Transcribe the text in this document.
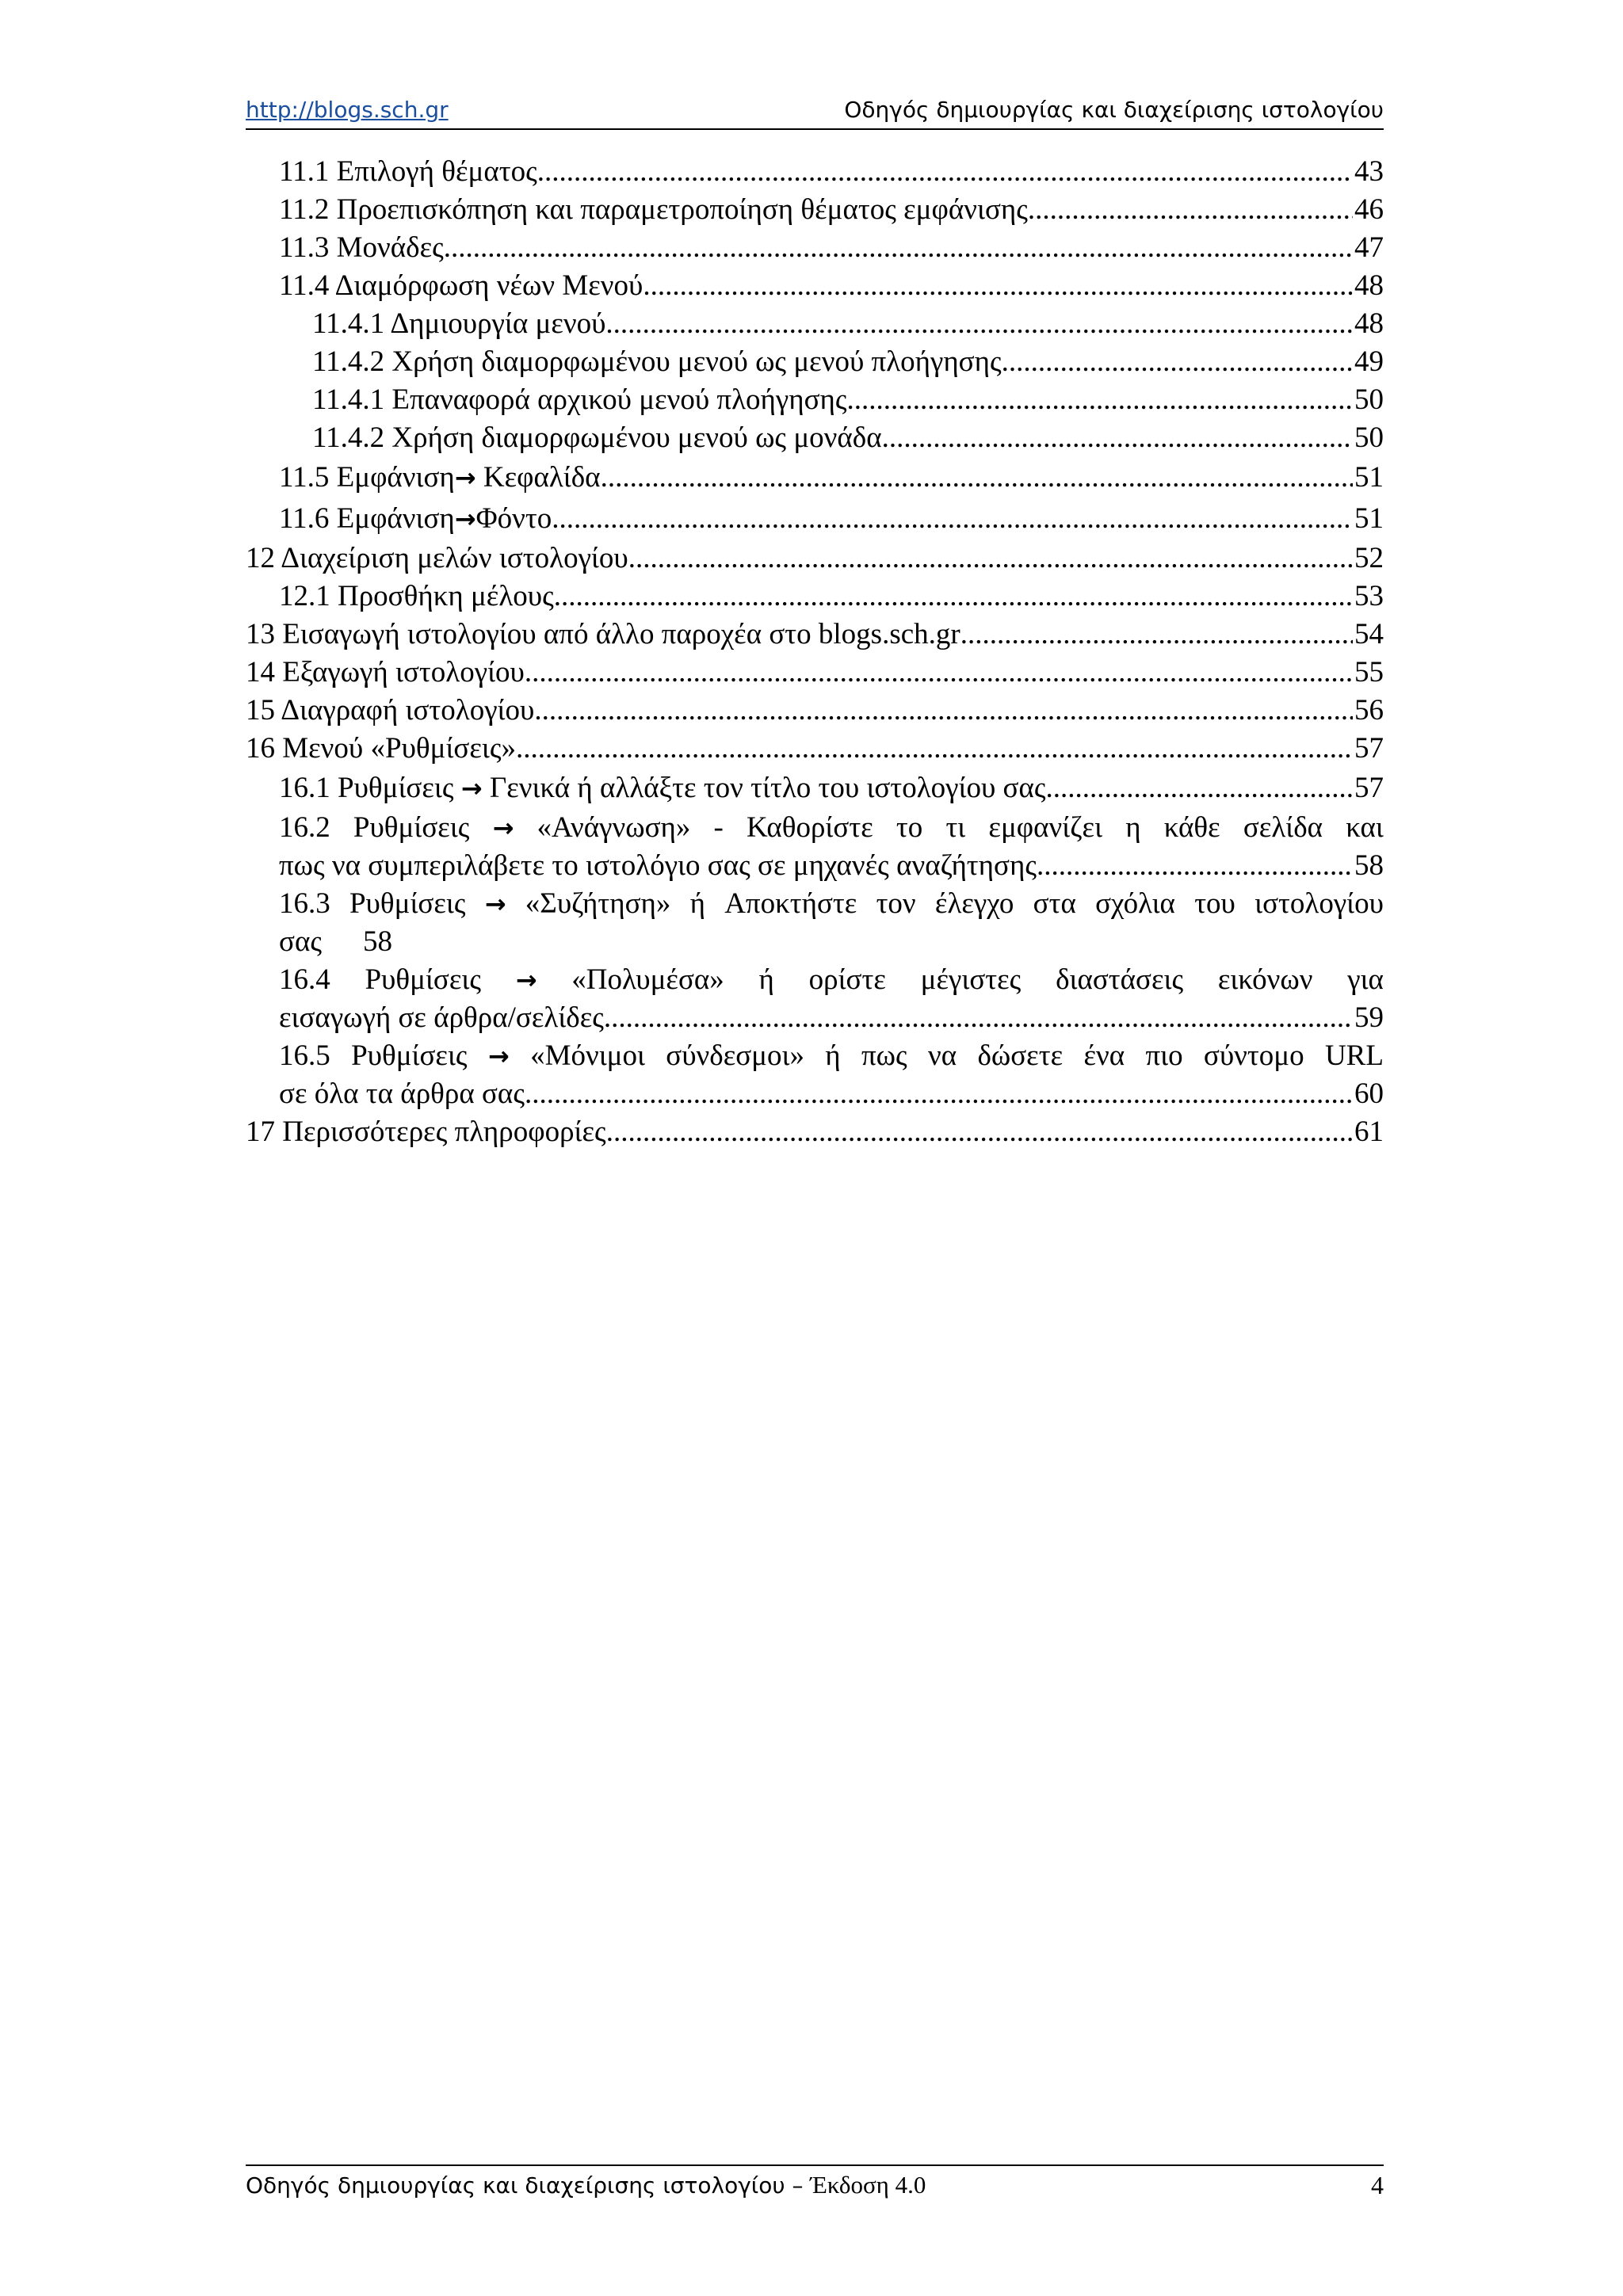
http://blogs.sch.gr	Οδηγός δημιουργίας και διαχείρισης ιστολογίου
11.1 Επιλογή θέματος .....	43
11.2 Προεπισκόπηση και παραμετροποίηση θέματος εμφάνισης .....	46
11.3 Μονάδες .....	47
11.4 Διαμόρφωση νέων Μενού .....	48
11.4.1 Δημιουργία μενού .....	48
11.4.2 Χρήση διαμορφωμένου μενού ως μενού πλοήγησης .....	49
11.4.1 Επαναφορά αρχικού μενού πλοήγησης .....	50
11.4.2 Χρήση διαμορφωμένου μενού ως μονάδα .....	50
11.5 Εμφάνιση→ Κεφαλίδα .....	51
11.6 Εμφάνιση→Φόντο .....	51
12 Διαχείριση μελών ιστολογίου .....	52
12.1 Προσθήκη μέλους .....	53
13 Εισαγωγή ιστολογίου από άλλο παροχέα στο blogs.sch.gr .....	54
14 Εξαγωγή ιστολογίου .....	55
15 Διαγραφή ιστολογίου .....	56
16 Μενού «Ρυθμίσεις» .....	57
16.1 Ρυθμίσεις → Γενικά ή αλλάξτε τον τίτλο του ιστολογίου σας .....	57
16.2 Ρυθμίσεις → «Ανάγνωση» - Καθορίστε το τι εμφανίζει η κάθε σελίδα και
πως να συμπεριλάβετε το ιστολόγιο σας σε μηχανές αναζήτησης .....	58
16.3 Ρυθμίσεις → «Συζήτηση» ή Αποκτήστε τον έλεγχο στα σχόλια του ιστολογίου
σας 58
16.4 Ρυθμίσεις → «Πολυμέσα» ή ορίστε μέγιστες διαστάσεις εικόνων για
εισαγωγή σε άρθρα/σελίδες .....	59
16.5 Ρυθμίσεις → «Μόνιμοι σύνδεσμοι» ή πως να δώσετε ένα πιο σύντομο URL
σε όλα τα άρθρα σας .....	60
17 Περισσότερες πληροφορίες .....	61
Οδηγός δημιουργίας και διαχείρισης ιστολογίου – Έκδοση 4.0	4
